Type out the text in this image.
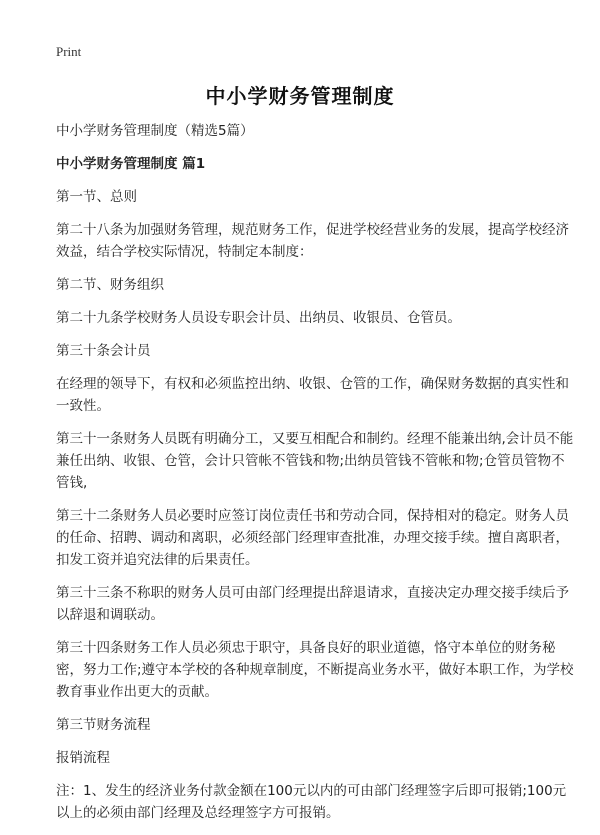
Print
中小学财务管理制度

中小学财务管理制度（精选5篇）

中小学财务管理制度 篇1

第一节、总则

第二十八条为加强财务管理，规范财务工作，促进学校经营业务的发展，提高学校经济效益，结合学校实际情况，特制定本制度：

第二节、财务组织

第二十九条学校财务人员设专职会计员、出纳员、收银员、仓管员。

第三十条会计员

在经理的领导下，有权和必须监控出纳、收银、仓管的工作，确保财务数据的真实性和一致性。

第三十一条财务人员既有明确分工，又要互相配合和制约。经理不能兼出纳,会计员不能兼任出纳、收银、仓管，会计只管帐不管钱和物;出纳员管钱不管帐和物;仓管员管物不管钱,

第三十二条财务人员必要时应签订岗位责任书和劳动合同，保持相对的稳定。财务人员的任命、招聘、调动和离职，必须经部门经理审查批准，办理交接手续。擅自离职者，扣发工资并追究法律的后果责任。

第三十三条不称职的财务人员可由部门经理提出辞退请求，直接决定办理交接手续后予以辞退和调联动。

第三十四条财务工作人员必须忠于职守，具备良好的职业道德，恪守本单位的财务秘密，努力工作;遵守本学校的各种规章制度，不断提高业务水平，做好本职工作，为学校教育事业作出更大的贡献。

第三节财务流程

报销流程

注：1、发生的经济业务付款金额在100元以内的可由部门经理签字后即可报销;100元以上的必须由部门经理及总经理签字方可报销。
